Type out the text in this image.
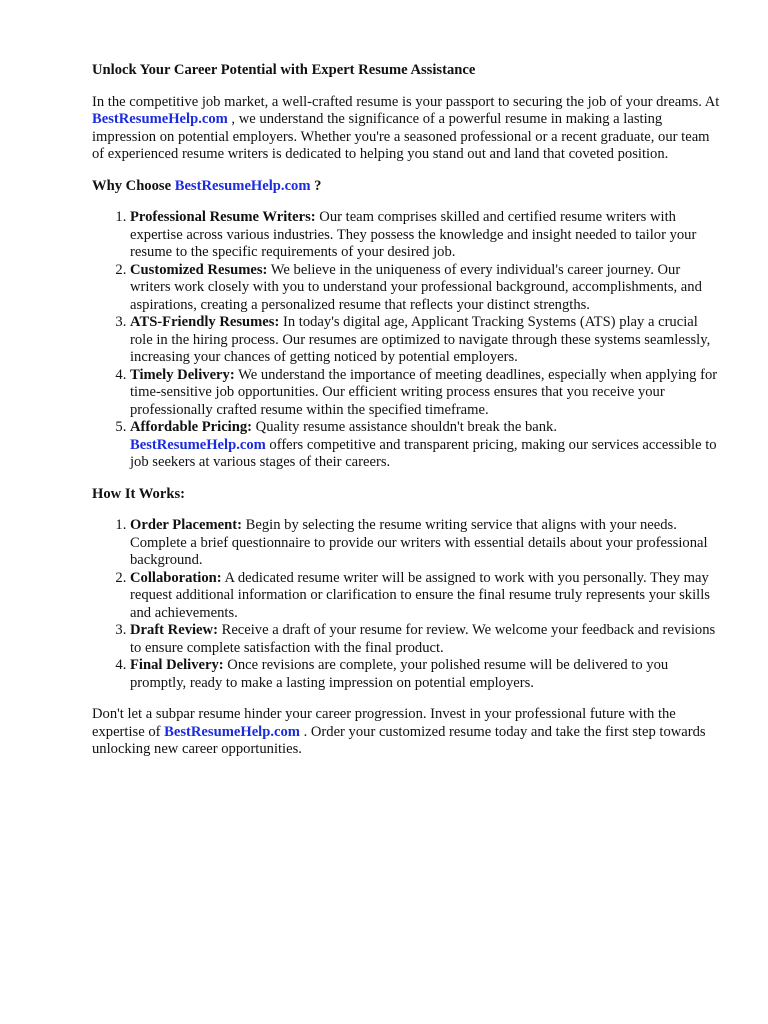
Unlock Your Career Potential with Expert Resume Assistance

In the competitive job market, a well-crafted resume is your passport to securing the job of your dreams. At BestResumeHelp.com , we understand the significance of a powerful resume in making a lasting impression on potential employers. Whether you're a seasoned professional or a recent graduate, our team of experienced resume writers is dedicated to helping you stand out and land that coveted position.

Why Choose BestResumeHelp.com ?
1. Professional Resume Writers: Our team comprises skilled and certified resume writers with expertise across various industries. They possess the knowledge and insight needed to tailor your resume to the specific requirements of your desired job.
2. Customized Resumes: We believe in the uniqueness of every individual's career journey. Our writers work closely with you to understand your professional background, accomplishments, and aspirations, creating a personalized resume that reflects your distinct strengths.
3. ATS-Friendly Resumes: In today's digital age, Applicant Tracking Systems (ATS) play a crucial role in the hiring process. Our resumes are optimized to navigate through these systems seamlessly, increasing your chances of getting noticed by potential employers.
4. Timely Delivery: We understand the importance of meeting deadlines, especially when applying for time-sensitive job opportunities. Our efficient writing process ensures that you receive your professionally crafted resume within the specified timeframe.
5. Affordable Pricing: Quality resume assistance shouldn't break the bank.
BestResumeHelp.com offers competitive and transparent pricing, making our services accessible to job seekers at various stages of their careers.
How It Works:
1. Order Placement: Begin by selecting the resume writing service that aligns with your needs. Complete a brief questionnaire to provide our writers with essential details about your professional background.
2. Collaboration: A dedicated resume writer will be assigned to work with you personally. They may request additional information or clarification to ensure the final resume truly represents your skills and achievements.
3. Draft Review: Receive a draft of your resume for review. We welcome your feedback and revisions to ensure complete satisfaction with the final product.
4. Final Delivery: Once revisions are complete, your polished resume will be delivered to you promptly, ready to make a lasting impression on potential employers.

Don't let a subpar resume hinder your career progression. Invest in your professional future with the expertise of BestResumeHelp.com . Order your customized resume today and take the first step towards unlocking new career opportunities.
